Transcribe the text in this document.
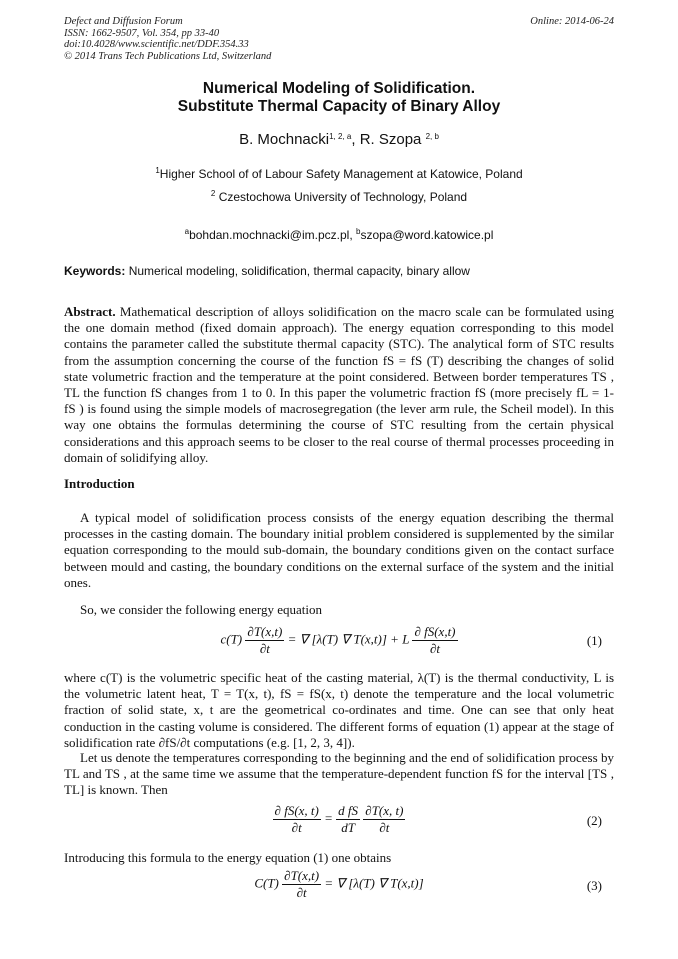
Defect and Diffusion Forum
ISSN: 1662-9507, Vol. 354, pp 33-40
doi:10.4028/www.scientific.net/DDF.354.33
© 2014 Trans Tech Publications Ltd, Switzerland
Online: 2014-06-24
Numerical Modeling of Solidification.
Substitute Thermal Capacity of Binary Alloy
B. Mochnacki$^{1, 2, a}$, R. Szopa $^{2, b}$
$^1$Higher School of of Labour Safety Management at Katowice, Poland
$^2$ Czestochowa University of Technology, Poland
$^a$bohdan.mochnacki@im.pcz.pl, $^b$szopa@word.katowice.pl
Keywords: Numerical modeling, solidification, thermal capacity, binary allow
Abstract. Mathematical description of alloys solidification on the macro scale can be formulated using the one domain method (fixed domain approach). The energy equation corresponding to this model contains the parameter called the substitute thermal capacity (STC). The analytical form of STC results from the assumption concerning the course of the function fS = fS (T) describing the changes of solid state volumetric fraction and the temperature at the point considered. Between border temperatures TS , TL the function fS changes from 1 to 0. In this paper the volumetric fraction fS (more precisely fL = 1- fS ) is found using the simple models of macrosegregation (the lever arm rule, the Scheil model). In this way one obtains the formulas determining the course of STC resulting from the certain physical considerations and this approach seems to be closer to the real course of thermal processes proceeding in domain of solidifying alloy.
Introduction
A typical model of solidification process consists of the energy equation describing the thermal processes in the casting domain. The boundary initial problem considered is supplemented by the similar equation corresponding to the mould sub-domain, the boundary conditions given on the contact surface between mould and casting, the boundary conditions on the external surface of the system and the initial ones.
So, we consider the following energy equation
$c(T) \frac{\partial T(x,t)}{\partial t}$ = ∇ [λ(T) ∇ T(x,t)] + L $\frac{\partial fS(x,t)}{\partial t}$	(1)
where c(T) is the volumetric specific heat of the casting material, λ(T) is the thermal conductivity, L is the volumetric latent heat, T = T(x, t), fS = fS(x, t) denote the temperature and the local volumetric fraction of solid state, x, t are the geometrical co-ordinates and time. One can see that only heat conduction in the casting volume is considered. The different forms of equation (1) appear at the stage of solidification rate ∂fS/∂t computations (e.g. [1, 2, 3, 4]).
Let us denote the temperatures corresponding to the beginning and the end of solidification process by TL and TS , at the same time we assume that the temperature-dependent function fS for the interval [TS , TL] is known. Then
$\frac{\partial fS(x, t)}{\partial t} = \frac{\text{d fS}}{dT}$
$\frac{\partial T(x, t)}{\partial t}$	(2)
Introducing this formula to the energy equation (1) one obtains
$C(T) \frac{\partial T(x,t)}{\partial t}$ = ∇ [λ(T) ∇ T(x,t)]	(3)
